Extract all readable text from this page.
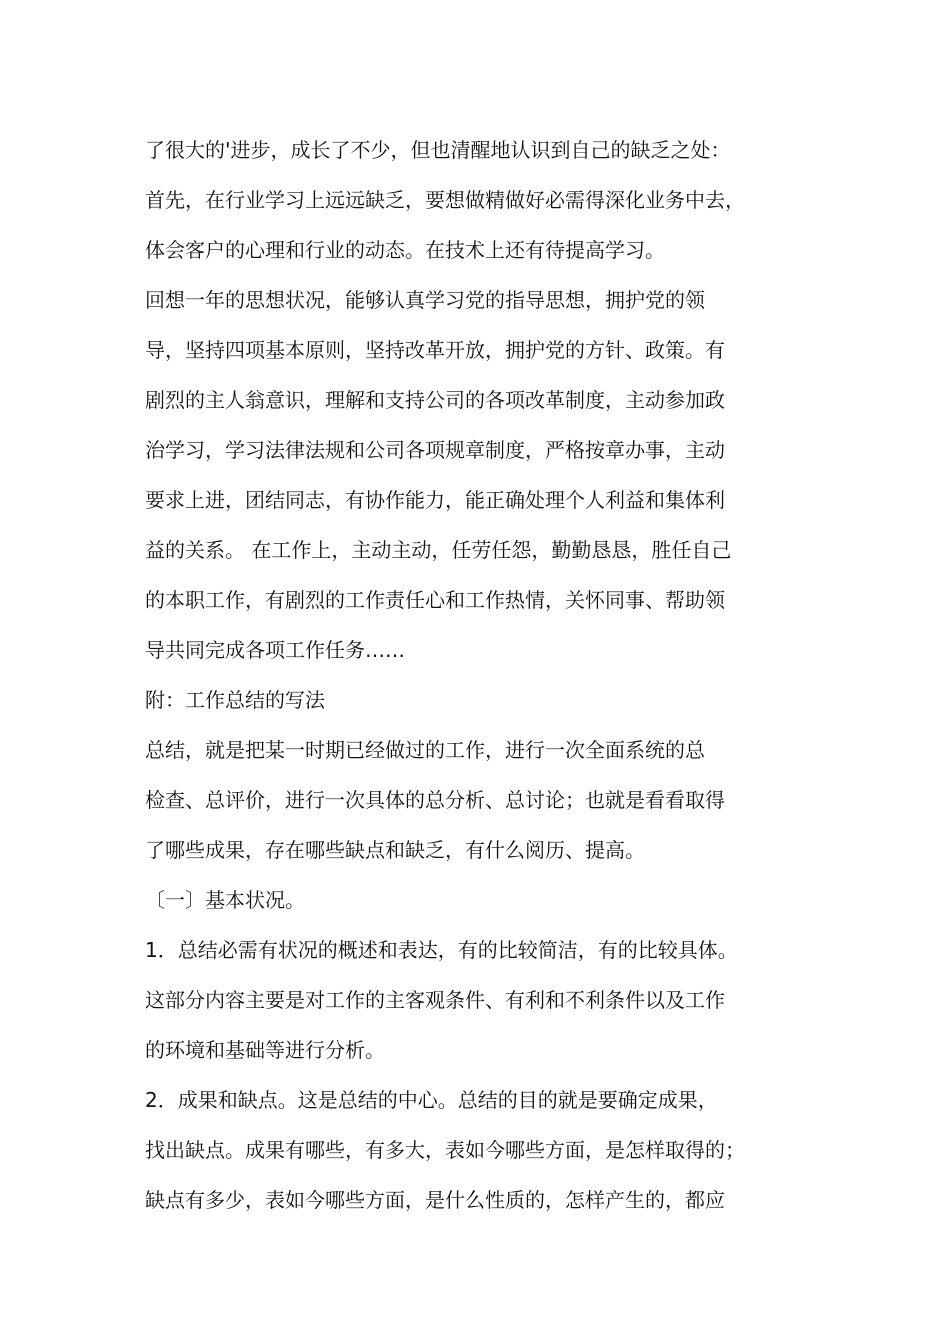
了很大的'进步，成长了不少，但也清醒地认识到自己的缺乏之处：
首先，在行业学习上远远缺乏，要想做精做好必需得深化业务中去，
体会客户的心理和行业的动态。在技术上还有待提高学习。
回想一年的思想状况，能够认真学习党的指导思想，拥护党的领
导，坚持四项基本原则，坚持改革开放，拥护党的方针、政策。有
剧烈的主人翁意识，理解和支持公司的各项改革制度，主动参加政
治学习，学习法律法规和公司各项规章制度，严格按章办事，主动
要求上进，团结同志，有协作能力，能正确处理个人利益和集体利
益的关系。 在工作上，主动主动，任劳任怨，勤勤恳恳，胜任自己
的本职工作，有剧烈的工作责任心和工作热情，关怀同事、帮助领
导共同完成各项工作任务……
附：工作总结的写法
总结，就是把某一时期已经做过的工作，进行一次全面系统的总
检查、总评价，进行一次具体的总分析、总讨论；也就是看看取得
了哪些成果，存在哪些缺点和缺乏，有什么阅历、提高。
〔一〕基本状况。
1．总结必需有状况的概述和表达，有的比较简洁，有的比较具体。
这部分内容主要是对工作的主客观条件、有利和不利条件以及工作
的环境和基础等进行分析。
2．成果和缺点。这是总结的中心。总结的目的就是要确定成果，
找出缺点。成果有哪些，有多大，表如今哪些方面，是怎样取得的；
缺点有多少，表如今哪些方面，是什么性质的，怎样产生的，都应
